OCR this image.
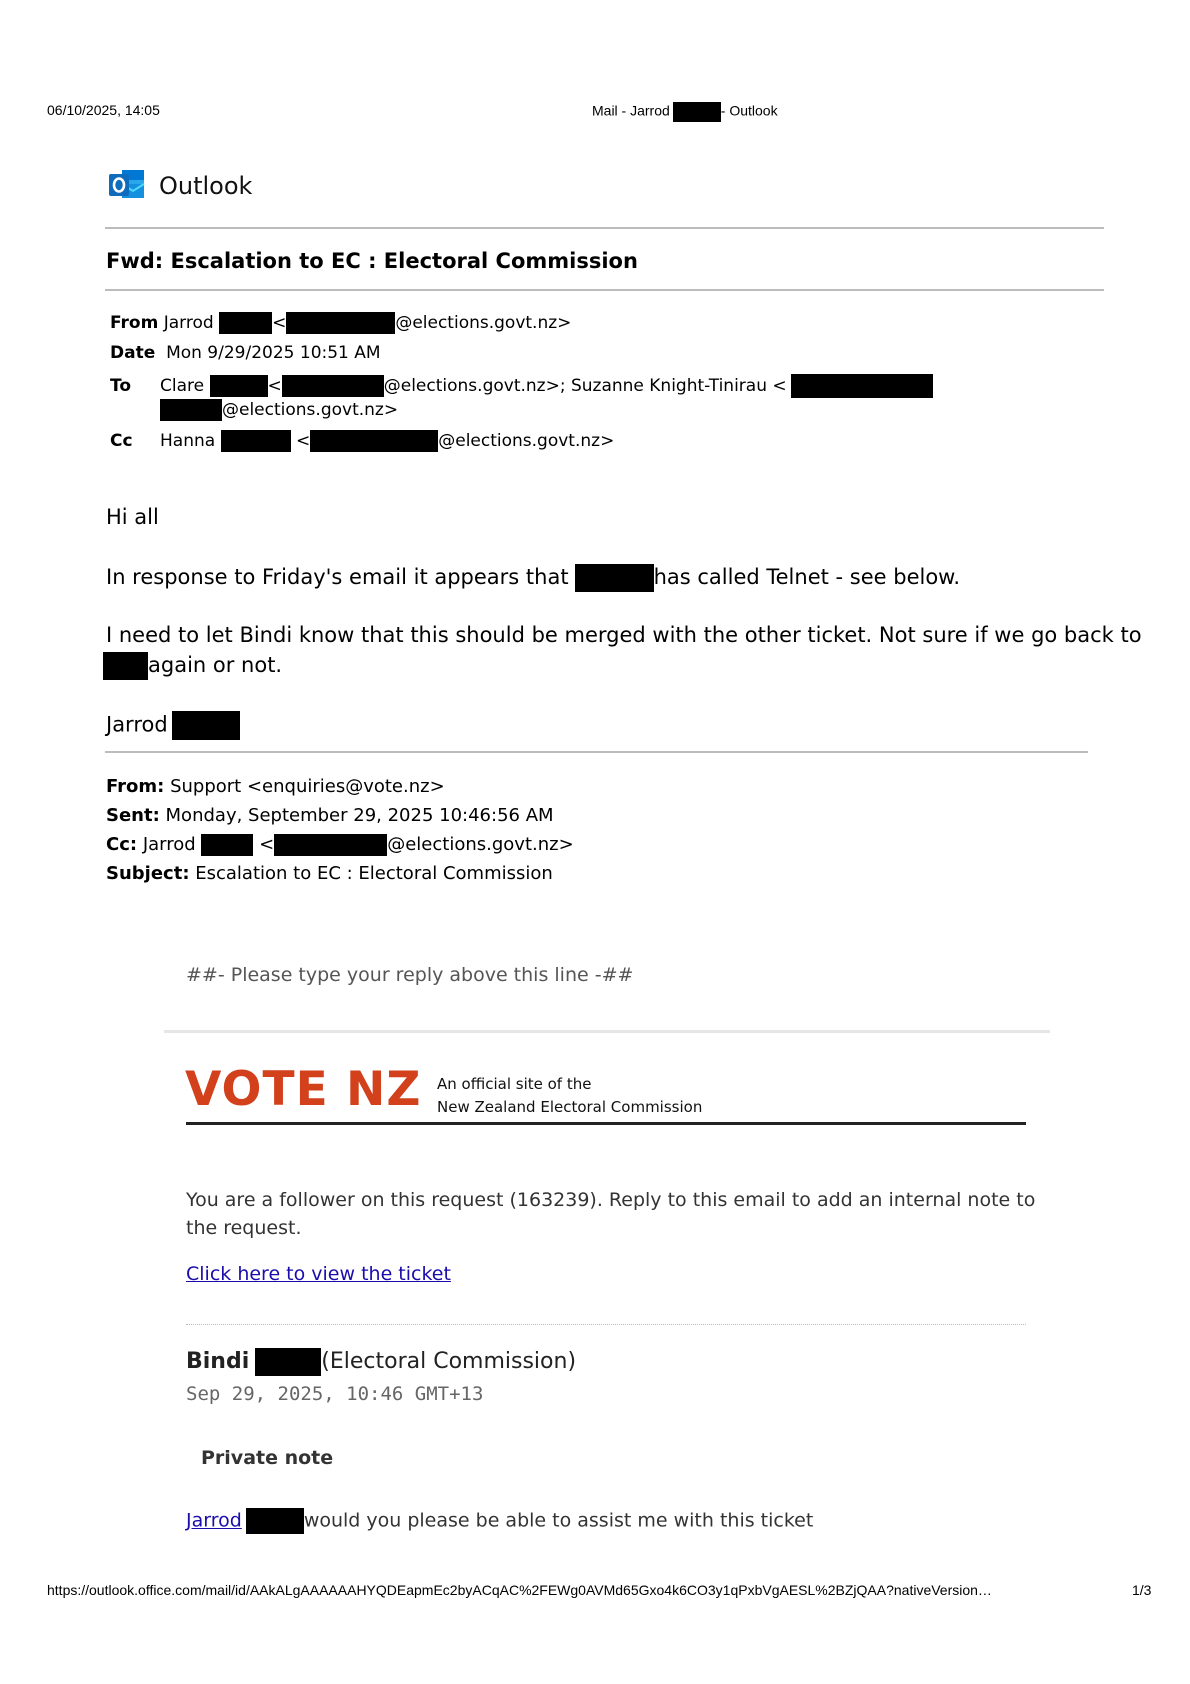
06/10/2025, 14:05	Mail - Jarrod	- Outlook
Outlook
Fwd: Escalation to EC : Electoral Commission
From Jarrod	<	@elections.govt.nz>
Date Mon 9/29/2025 10:51 AM
To Clare	<	@elections.govt.nz>; Suzanne Knight-Tinirau <
@elections.govt.nz>
Cc Hanna	<	@elections.govt.nz>
Hi all
In response to Friday's email it appears that	has called Telnet - see below.
I need to let Bindi know that this should be merged with the other ticket. Not sure if we go back to
again or not.
Jarrod
From: Support <enquiries@vote.nz>
Sent: Monday, September 29, 2025 10:46:56 AM
Cc: Jarrod	<	@elections.govt.nz>
Subject: Escalation to EC : Electoral Commission
##- Please type your reply above this line -##
VOTE NZ An official site of the
New Zealand Electoral Commission
You are a follower on this request (163239). Reply to this email to add an internal note to
the request.
Click here to view the ticket
Bindi	(Electoral Commission)
Sep 29, 2025, 10:46 GMT+13
Private note
Jarrod	would you please be able to assist me with this ticket
https://outlook.office.com/mail/id/AAkALgAAAAAAHYQDEapmEc2byACqAC%2FEWg0AVMd65Gxo4k6CO3y1qPxbVgAESL%2BZjQAA?nativeVersion…	1/3
